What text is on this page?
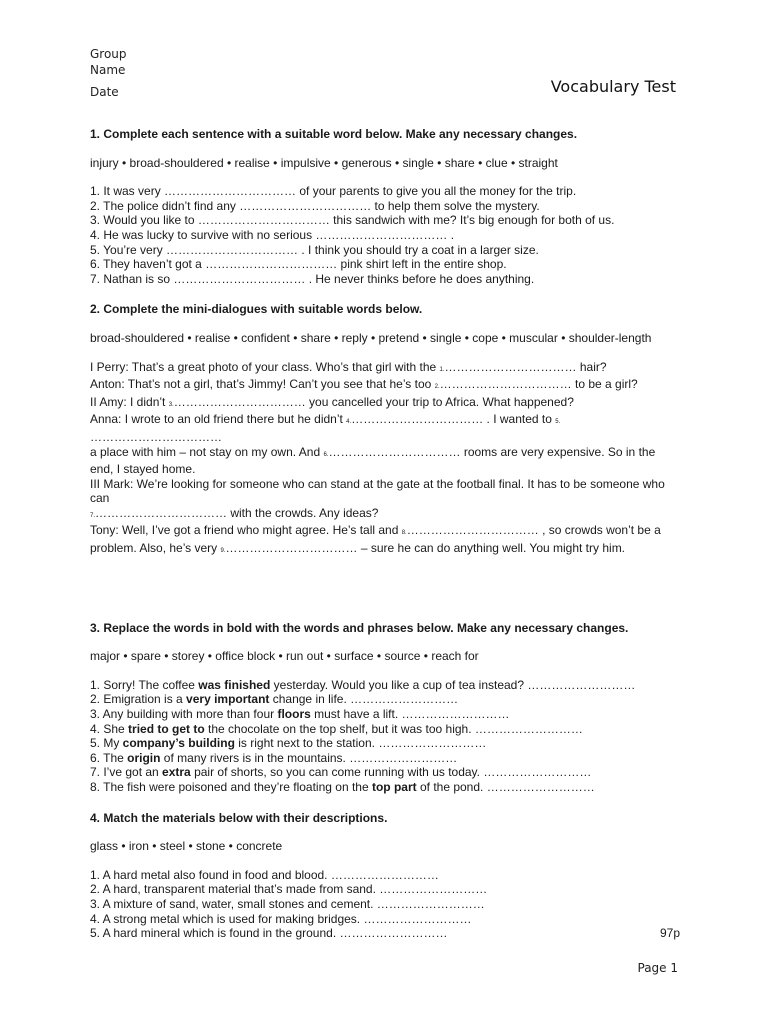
Group
Name
Date	Vocabulary Test

1. Complete each sentence with a suitable word below. Make any necessary changes.

injury • broad-shouldered • realise • impulsive • generous • single • share • clue • straight
1. It was very …………………………… of your parents to give you all the money for the trip.
2. The police didn’t find any …………………………… to help them solve the mystery.
3. Would you like to …………………………… this sandwich with me? It’s big enough for both of us.
4. He was lucky to survive with no serious …………………………… .
5. You’re very …………………………… . I think you should try a coat in a larger size.
6. They haven’t got a …………………………… pink shirt left in the entire shop.
7. Nathan is so …………………………… . He never thinks before he does anything.

2. Complete the mini-dialogues with suitable words below.

broad-shouldered • realise • confident • share • reply • pretend • single • cope • muscular • shoulder-length

I Perry: That’s a great photo of your class. Who’s that girl with the 1.…………………………… hair?

Anton: That’s not a girl, that’s Jimmy! Can’t you see that he’s too 2.…………………………… to be a girl?

II Amy: I didn’t 3.…………………………… you cancelled your trip to Africa. What happened?

Anna: I wrote to an old friend there but he didn’t 4.…………………………… . I wanted to 5.

……………………………

a place with him – not stay on my own. And 6.…………………………… rooms are very expensive. So in the end, I stayed home.

III Mark: We’re looking for someone who can stand at the gate at the football final. It has to be someone who can

7.…………………………… with the crowds. Any ideas?

Tony: Well, I’ve got a friend who might agree. He’s tall and 8.…………………………… , so crowds won’t be a problem. Also, he’s very 9.…………………………… – sure he can do anything well. You might try him.

3. Replace the words in bold with the words and phrases below. Make any necessary changes.

major • spare • storey • office block • run out • surface • source • reach for
1. Sorry! The coffee was finished yesterday. Would you like a cup of tea instead? ………………………
2. Emigration is a very important change in life. ………………………
3. Any building with more than four floors must have a lift. ………………………
4. She tried to get to the chocolate on the top shelf, but it was too high. ………………………
5. My company’s building is right next to the station. ………………………
6. The origin of many rivers is in the mountains. ………………………
7. I’ve got an extra pair of shorts, so you can come running with us today. ………………………
8. The fish were poisoned and they’re floating on the top part of the pond. ………………………

4. Match the materials below with their descriptions.

glass • iron • steel • stone • concrete
1. A hard metal also found in food and blood. ………………………
2. A hard, transparent material that’s made from sand. ………………………
3. A mixture of sand, water, small stones and cement. ………………………
4. A strong metal which is used for making bridges. ………………………
5. A hard mineral which is found in the ground. ………………………	97p
Page 1
